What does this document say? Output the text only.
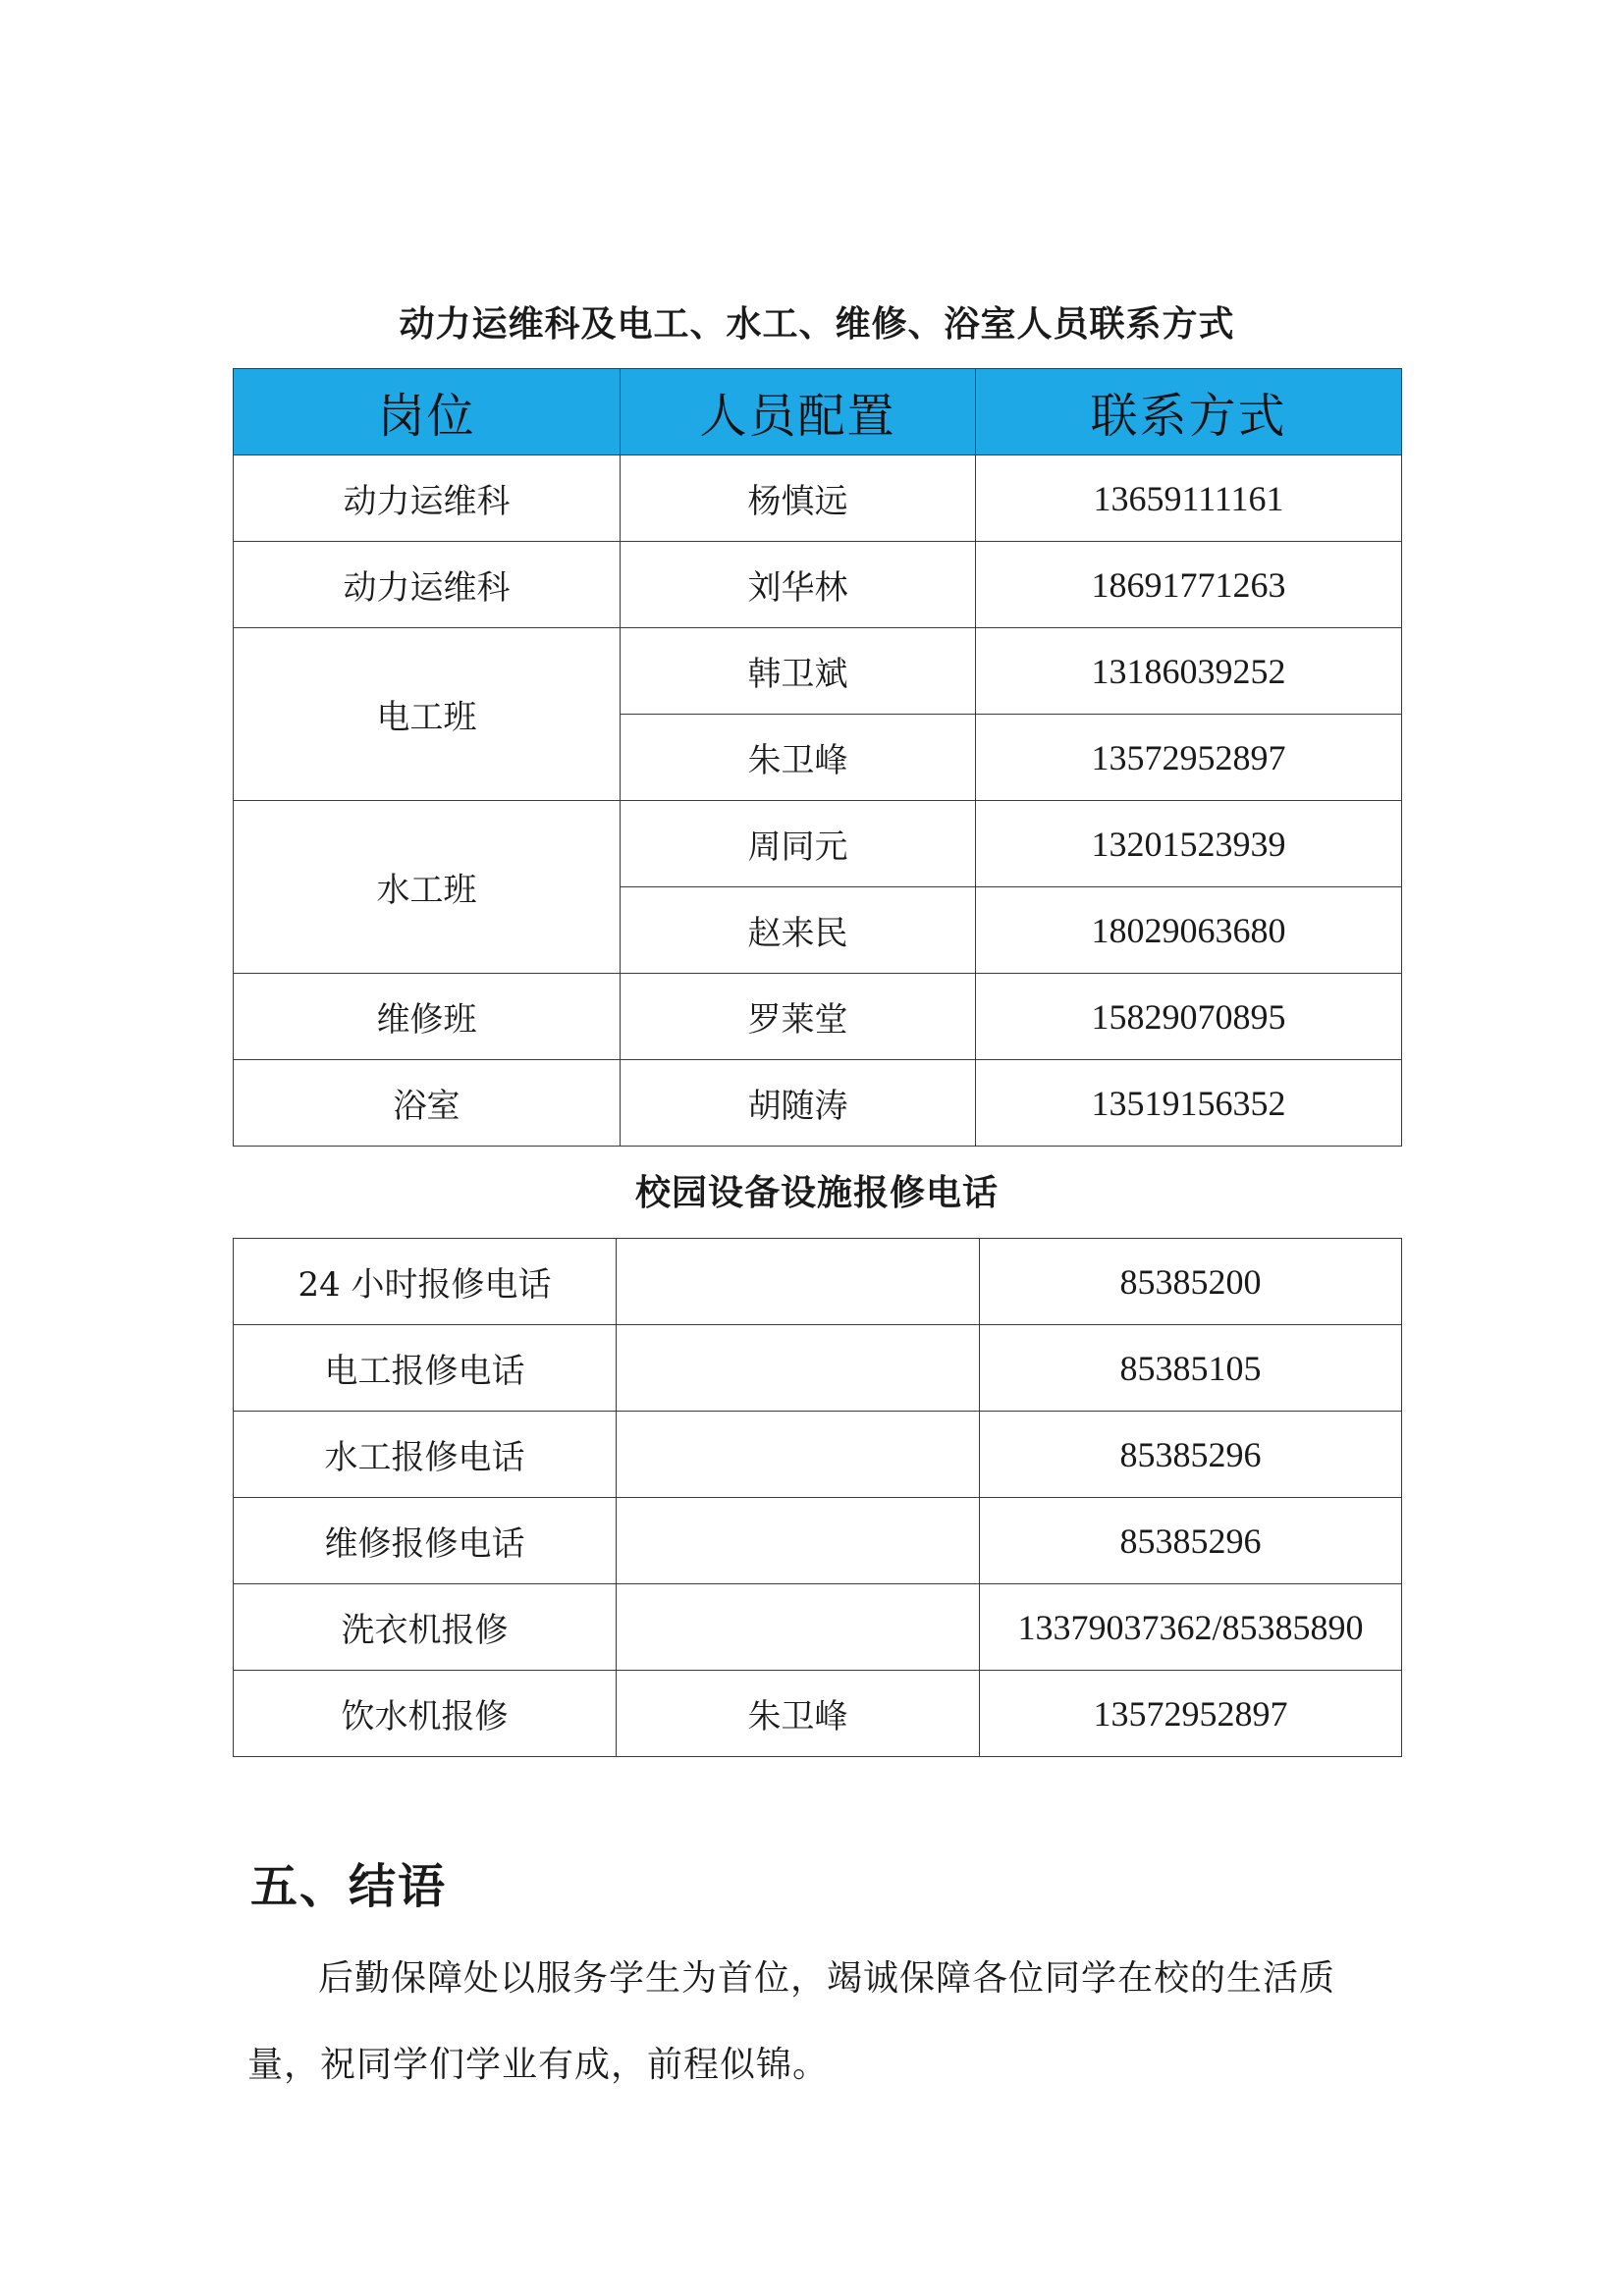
动力运维科及电工、水工、维修、浴室人员联系方式
岗位	人员配置	联系方式
动力运维科	杨慎远	13659111161
动力运维科	刘华林	18691771263
电工班	韩卫斌	13186039252
	朱卫峰	13572952897
水工班	周同元	13201523939
	赵来民	18029063680
维修班	罗莱堂	15829070895
浴室	胡随涛	13519156352
校园设备设施报修电话
24 小时报修电话		85385200
电工报修电话		85385105
水工报修电话		85385296
维修报修电话		85385296
洗衣机报修		13379037362/85385890
饮水机报修	朱卫峰	13572952897
五、结语

后勤保障处以服务学生为首位，竭诚保障各位同学在校的生活质量，祝同学们学业有成，前程似锦。
